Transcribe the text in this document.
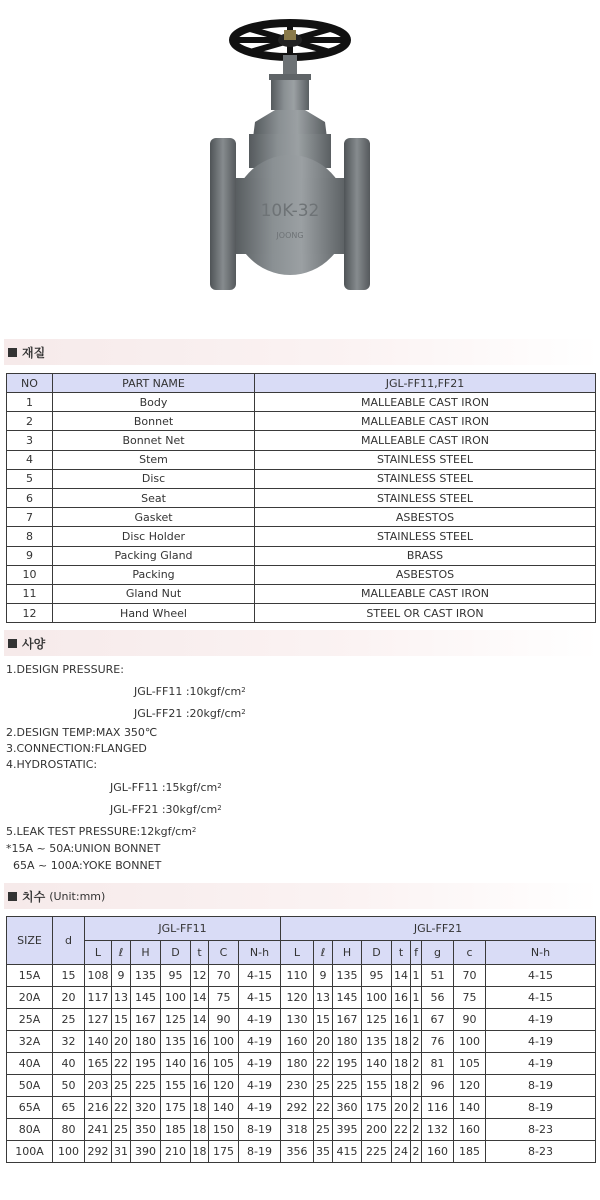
10K-32
JOONG
재질
NO	PART NAME	JGL-FF11,FF21
1	Body	MALLEABLE CAST IRON
2	Bonnet	MALLEABLE CAST IRON
3	Bonnet Net	MALLEABLE CAST IRON
4	Stem	STAINLESS STEEL
5	Disc	STAINLESS STEEL
6	Seat	STAINLESS STEEL
7	Gasket	ASBESTOS
8	Disc Holder	STAINLESS STEEL
9	Packing Gland	BRASS
10	Packing	ASBESTOS
11	Gland Nut	MALLEABLE CAST IRON
12	Hand Wheel	STEEL OR CAST IRON
사양
1.DESIGN PRESSURE:
JGL-FF11 $:10kgf/cm^2$
JGL-FF21 $:20kgf/cm^2$
2.DESIGN TEMP:MAX 350℃
3.CONNECTION:FLANGED
4.HYDROSTATIC:
JGL-FF11 $:15kgf/cm^2$
JGL-FF21 $:30kgf/cm^2$
5.LEAK TEST $PRESSURE:12kgf/cm^2$
*15A ~ 50A:UNION BONNET
65A ~ 100A:YOKE BONNET
치수 (Unit:mm)
SIZE	d	JGL-FF11							JGL-FF21								
		L	ℓ	H	D	t	C	N-h	L	ℓ	H	D	t	f	g	c	N-h
15A	15	108	9	135	95	12	70	4-15	110	9	135	95	14	1	51	70	4-15
20A	20	117	13	145	100	14	75	4-15	120	13	145	100	16	1	56	75	4-15
25A	25	127	15	167	125	14	90	4-19	130	15	167	125	16	1	67	90	4-19
32A	32	140	20	180	135	16	100	4-19	160	20	180	135	18	2	76	100	4-19
40A	40	165	22	195	140	16	105	4-19	180	22	195	140	18	2	81	105	4-19
50A	50	203	25	225	155	16	120	4-19	230	25	225	155	18	2	96	120	8-19
65A	65	216	22	320	175	18	140	4-19	292	22	360	175	20	2	116	140	8-19
80A	80	241	25	350	185	18	150	8-19	318	25	395	200	22	2	132	160	8-23
100A	100	292	31	390	210	18	175	8-19	356	35	415	225	24	2	160	185	8-23
